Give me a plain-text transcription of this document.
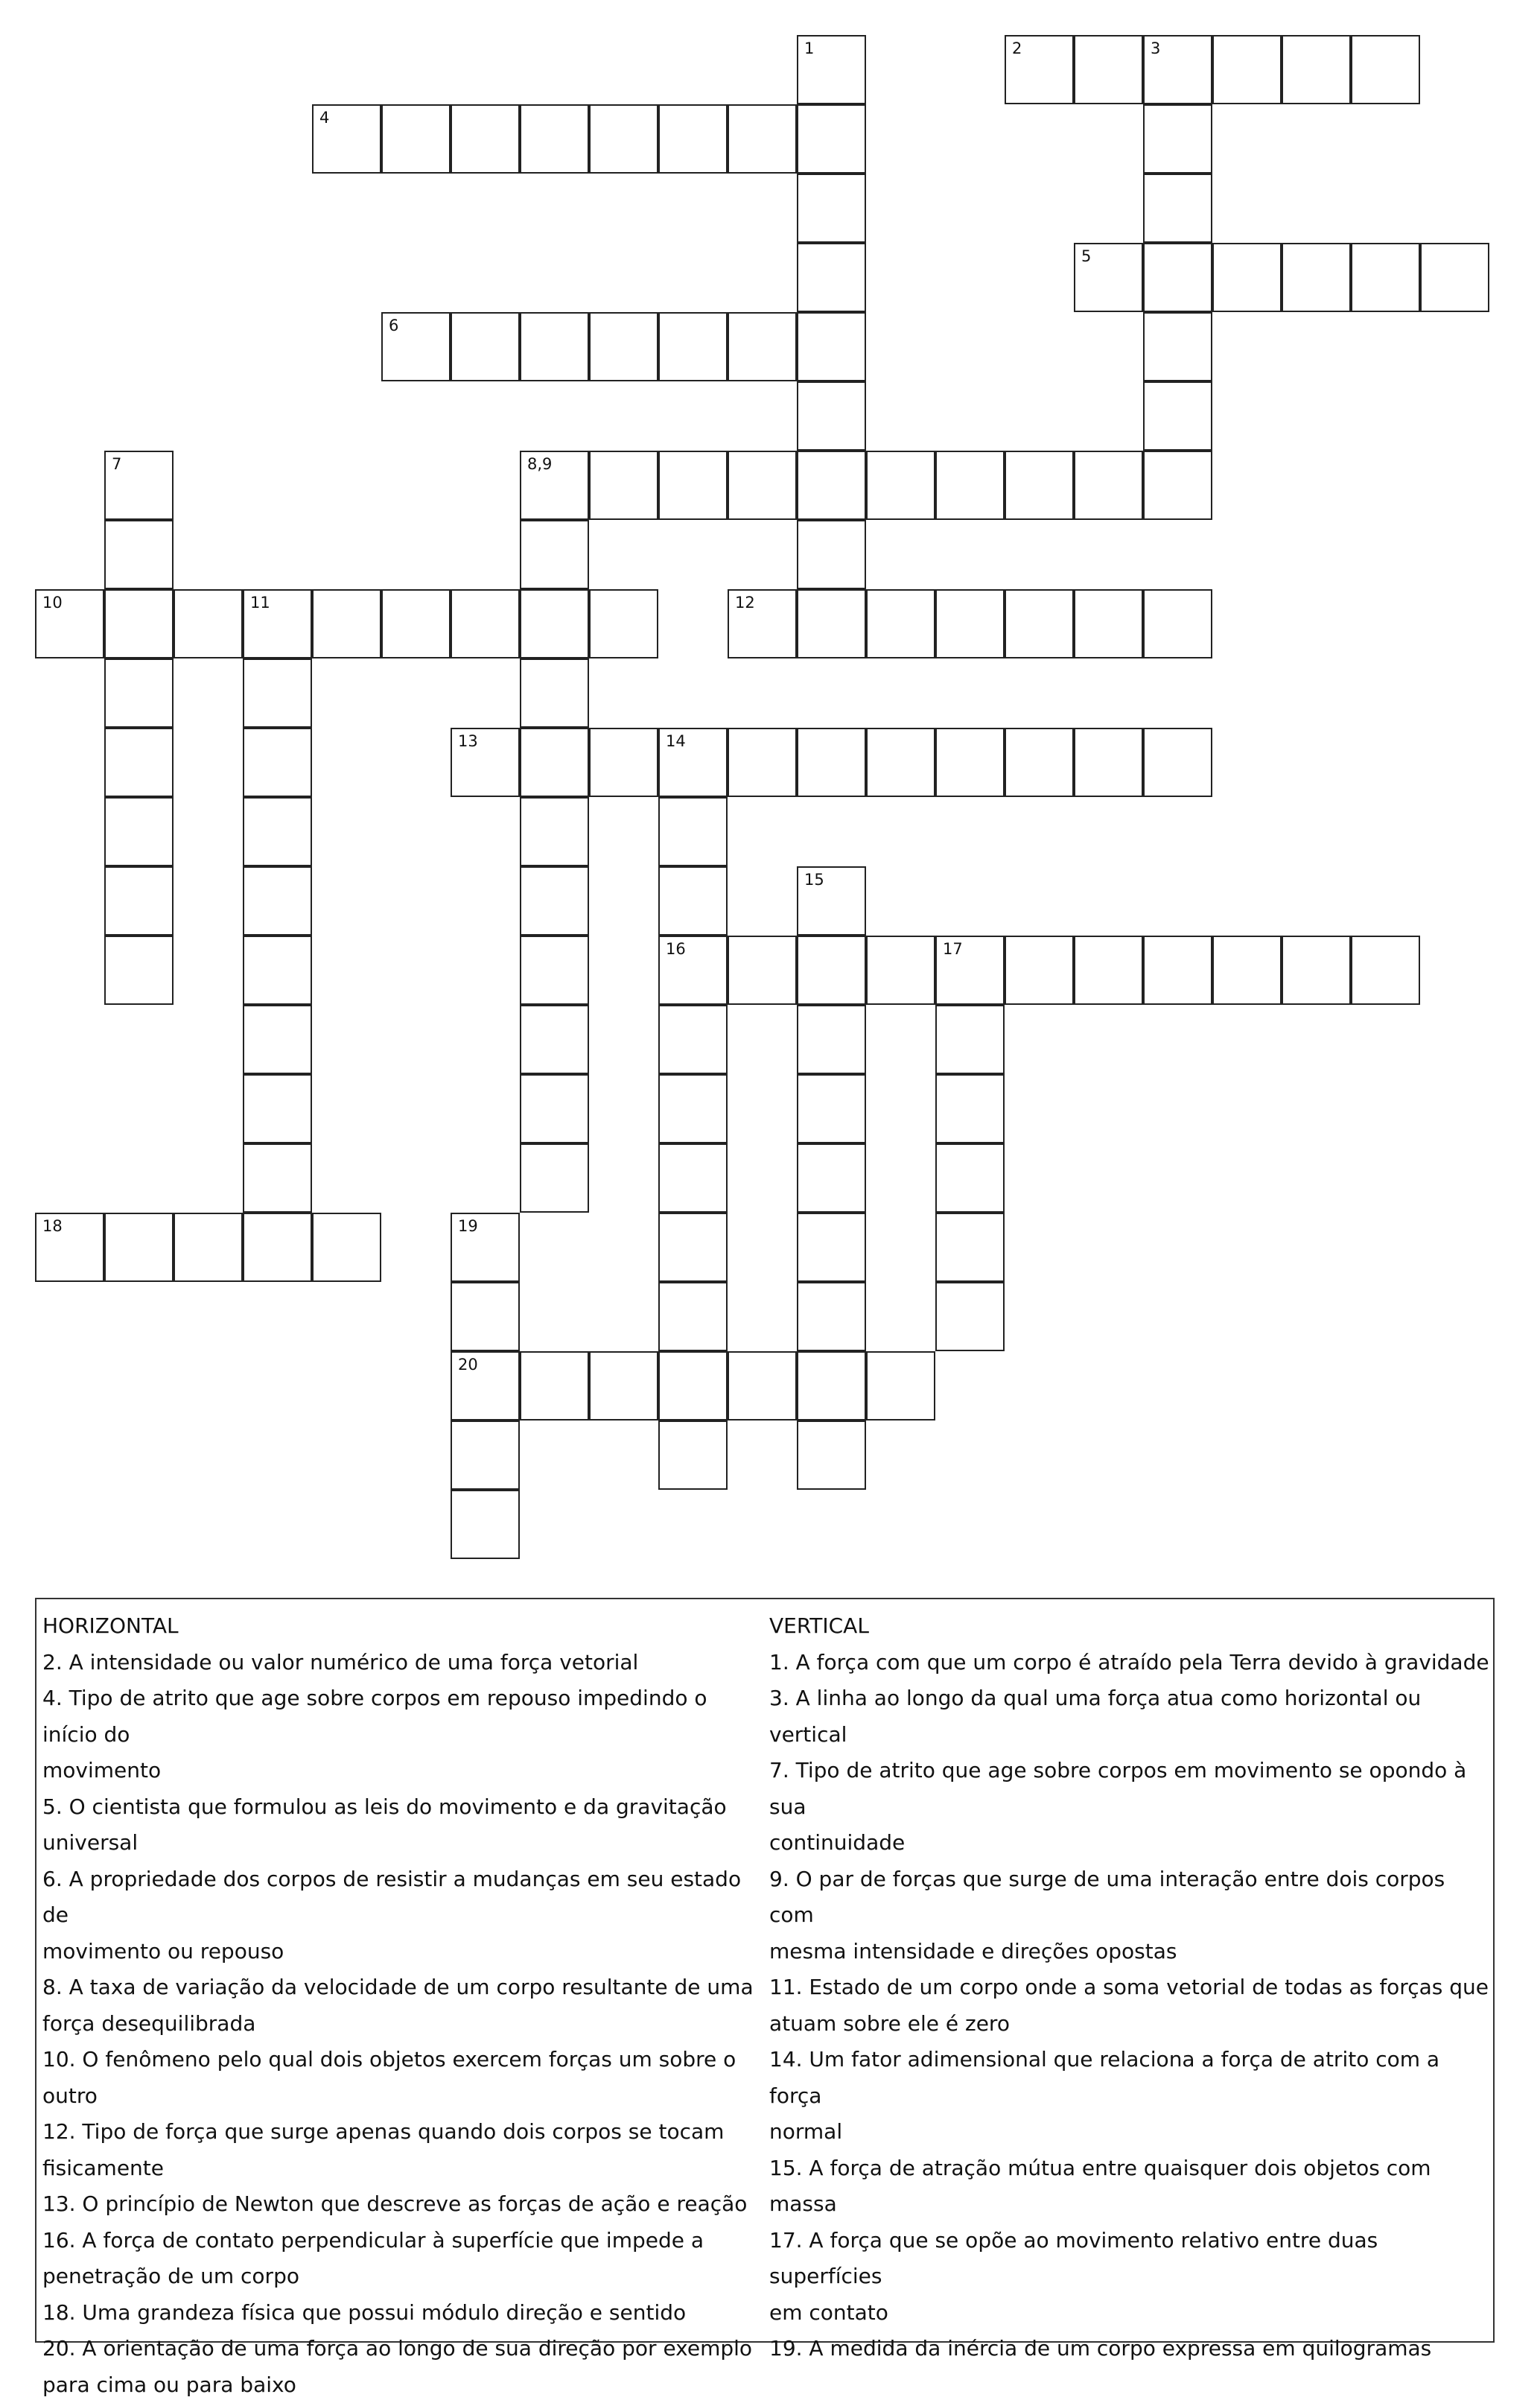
1	2	3
4
5
6
7	8,9
10	11	12
13	14
15
16	17
18	19
20
HORIZONTAL
2. A intensidade ou valor numérico de uma força vetorial
4. Tipo de atrito que age sobre corpos em repouso impedindo o início do
movimento
5. O cientista que formulou as leis do movimento e da gravitação
universal
6. A propriedade dos corpos de resistir a mudanças em seu estado de
movimento ou repouso
8. A taxa de variação da velocidade de um corpo resultante de uma
força desequilibrada
10. O fenômeno pelo qual dois objetos exercem forças um sobre o outro
12. Tipo de força que surge apenas quando dois corpos se tocam
fisicamente
13. O princípio de Newton que descreve as forças de ação e reação
16. A força de contato perpendicular à superfície que impede a
penetração de um corpo
18. Uma grandeza física que possui módulo direção e sentido
20. A orientação de uma força ao longo de sua direção por exemplo
para cima ou para baixo
VERTICAL
1. A força com que um corpo é atraído pela Terra devido à gravidade
3. A linha ao longo da qual uma força atua como horizontal ou vertical
7. Tipo de atrito que age sobre corpos em movimento se opondo à sua
continuidade
9. O par de forças que surge de uma interação entre dois corpos com
mesma intensidade e direções opostas
11. Estado de um corpo onde a soma vetorial de todas as forças que
atuam sobre ele é zero
14. Um fator adimensional que relaciona a força de atrito com a força
normal
15. A força de atração mútua entre quaisquer dois objetos com massa
17. A força que se opõe ao movimento relativo entre duas superfícies
em contato
19. A medida da inércia de um corpo expressa em quilogramas
